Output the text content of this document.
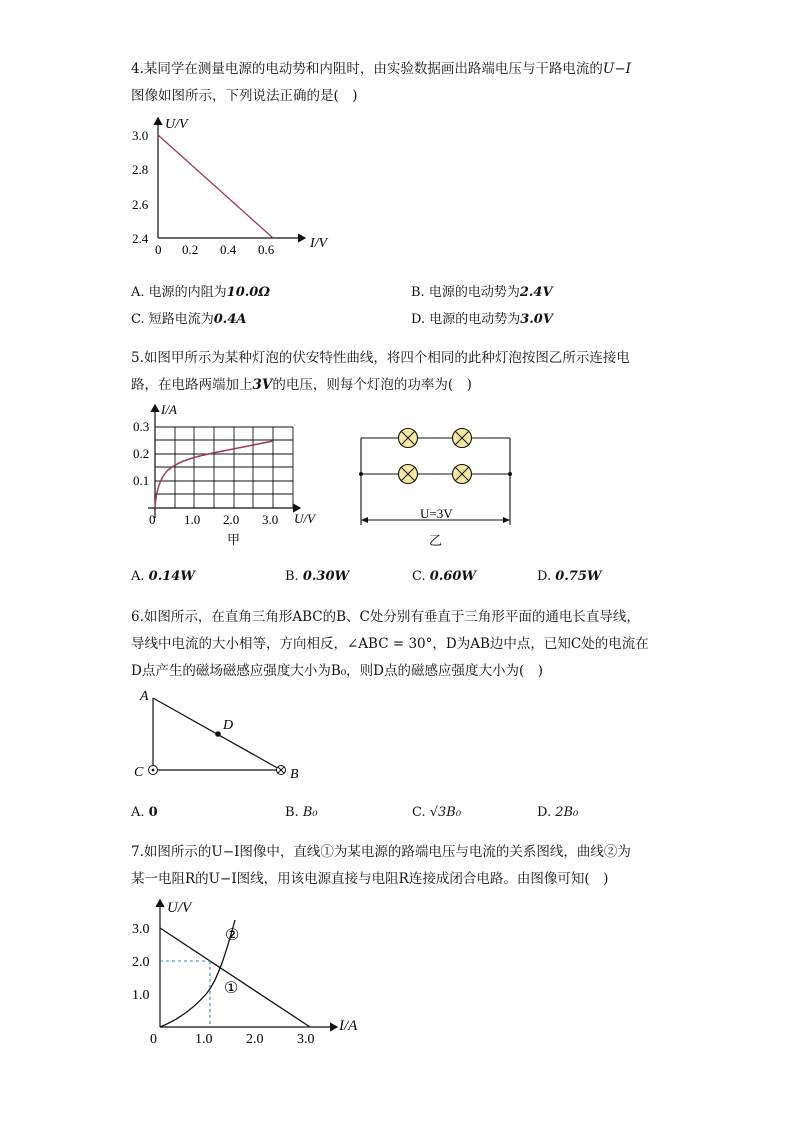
4.某同学在测量电源的电动势和内阻时，由实验数据画出路端电压与干路电流的U−I
图像如图所示，下列说法正确的是(　)
U/V
I/V
3.0
2.8
2.6
2.4
0 0.2 0.4 0.6
A. 电源的内阻为10.0Ω	B. 电源的电动势为2.4V
C. 短路电流为0.4A	D. 电源的电动势为3.0V
5.如图甲所示为某种灯泡的伏安特性曲线，将四个相同的此种灯泡按图乙所示连接电
路，在电路两端加上3V的电压，则每个灯泡的功率为(　)
I/A
U/V
0.3
0.2
0.1
0 1.0 2.0 3.0
甲
U=3V
乙
A. 0.14W	B. 0.30W	C. 0.60W	D. 0.75W
6.如图所示，在直角三角形ABC的B、C处分别有垂直于三角形平面的通电长直导线，
导线中电流的大小相等，方向相反，∠ABC = 30°，D为AB边中点，已知C处的电流在
D点产生的磁场磁感应强度大小为B₀，则D点的磁感应强度大小为(　)
A
D
C	B
A. 0	B. B₀	C. √3B₀	D. 2B₀
7.如图所示的U−I图像中，直线①为某电源的路端电压与电流的关系图线，曲线②为
某一电阻R的U−I图线，用该电源直接与电阻R连接成闭合电路。由图像可知(　)
U/V
I/A
3.0
2.0
1.0
0	1.0 2.0 3.0
①
②
